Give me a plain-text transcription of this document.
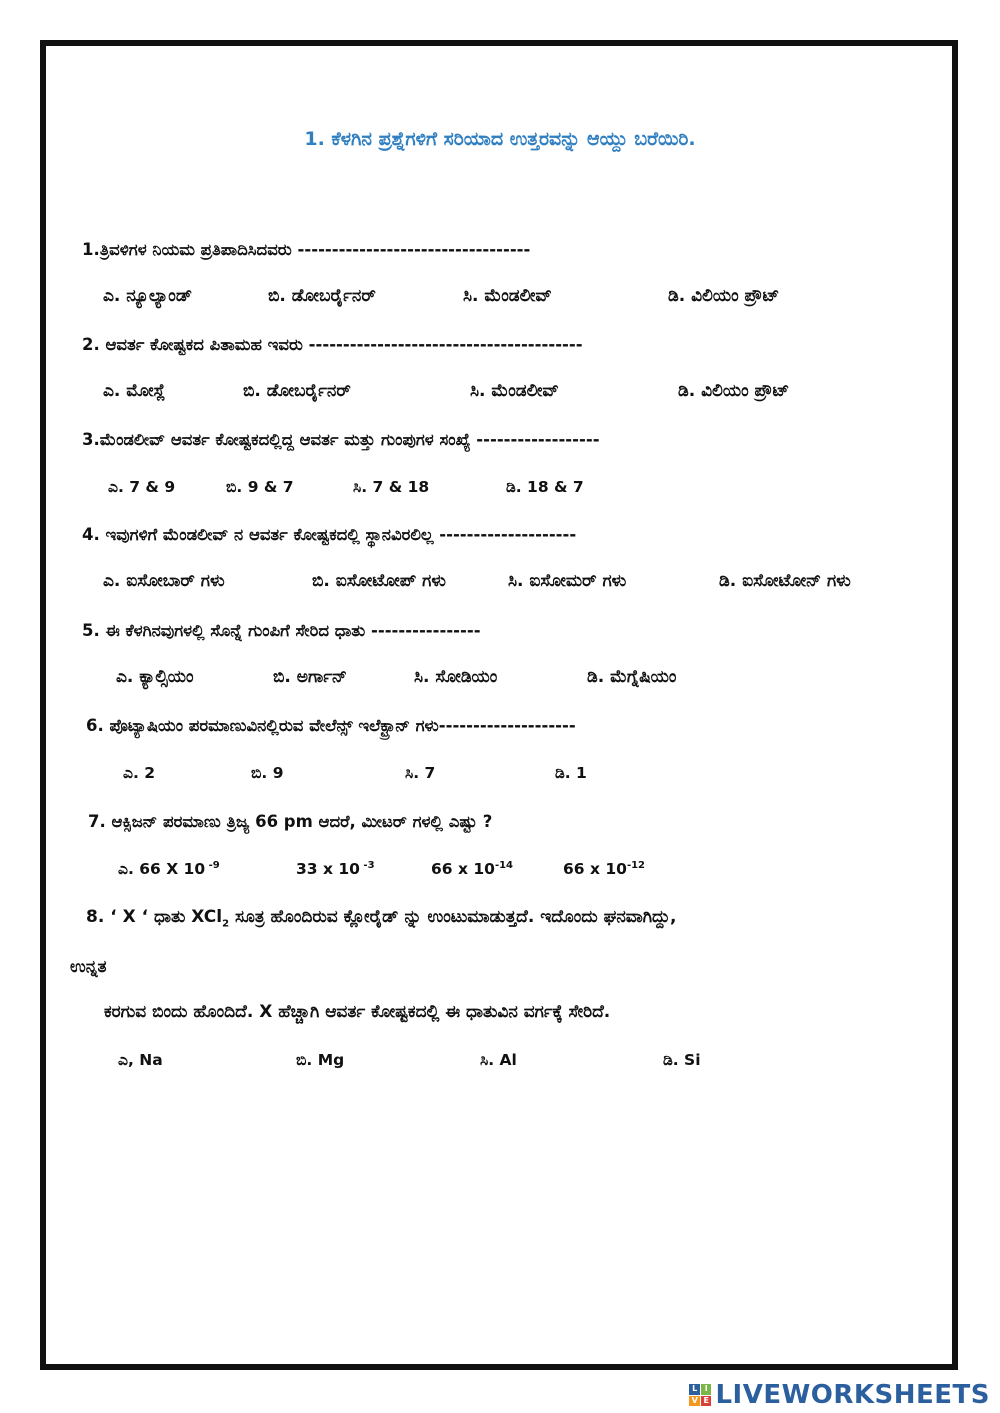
1. ಕೆಳಗಿನ ಪ್ರಶ್ನೆಗಳಿಗೆ ಸರಿಯಾದ ಉತ್ತರವನ್ನು ಆಯ್ದು ಬರೆಯಿರಿ.
1.ತ್ರಿವಳಿಗಳ ನಿಯಮ ಪ್ರತಿಪಾದಿಸಿದವರು ----------------------------------
ಎ. ನ್ಯೂಲ್ಯಾಂಡ್	ಬಿ. ಡೋಬರ್ರೈನರ್	ಸಿ. ಮೆಂಡಲೀವ್	ಡಿ. ವಿಲಿಯಂ ಪ್ರೌಟ್
2. ಆವರ್ತ ಕೋಷ್ಟಕದ ಪಿತಾಮಹ ಇವರು ----------------------------------------
ಎ. ಮೋಸ್ಲೆ	ಬಿ. ಡೋಬರ್ರೈನರ್	ಸಿ. ಮೆಂಡಲೀವ್	ಡಿ. ವಿಲಿಯಂ ಪ್ರೌಟ್
3.ಮೆಂಡಲೀವ್ ಆವರ್ತ ಕೋಷ್ಟಕದಲ್ಲಿದ್ದ ಆವರ್ತ ಮತ್ತು ಗುಂಪುಗಳ ಸಂಖ್ಯೆ ------------------
ಎ. 7 & 9	ಬಿ. 9 & 7	ಸಿ. 7 & 18	ಡಿ. 18 & 7
4. ಇವುಗಳಿಗೆ ಮೆಂಡಲೀವ್ ನ ಆವರ್ತ ಕೋಷ್ಟಕದಲ್ಲಿ ಸ್ಥಾನವಿರಲಿಲ್ಲ --------------------
ಎ. ಐಸೋಬಾರ್ ಗಳು	ಬಿ. ಐಸೋಟೋಪ್ ಗಳು	ಸಿ. ಐಸೋಮರ್ ಗಳು	ಡಿ. ಐಸೋಟೋನ್ ಗಳು
5. ಈ ಕೆಳಗಿನವುಗಳಲ್ಲಿ ಸೊನ್ನೆ ಗುಂಪಿಗೆ ಸೇರಿದ ಧಾತು ----------------
ಎ. ಕ್ಯಾಲ್ಸಿಯಂ	ಬಿ. ಅರ್ಗಾನ್	ಸಿ. ಸೋಡಿಯಂ	ಡಿ. ಮೆಗ್ನೆಷಿಯಂ
6. ಪೊಟ್ಯಾಷಿಯಂ ಪರಮಾಣುವಿನಲ್ಲಿರುವ ವೇಲೆನ್ಸ್ ಇಲೆಕ್ಟ್ರಾನ್ ಗಳು--------------------
ಎ. 2	ಬಿ. 9	ಸಿ. 7	ಡಿ. 1
7. ಆಕ್ಸಿಜನ್ ಪರಮಾಣು ತ್ರಿಜ್ಯ 66 pm ಆದರೆ, ಮೀಟರ್ ಗಳಲ್ಲಿ ಎಷ್ಟು ?
ಎ. 66 X 10 $^{-9}$	33 x 10 $^{-3}$	66 x $10^{-14}$	66 x $10^{-12}$
8. ‘ X ‘ ಧಾತು XCl$_2$ ಸೂತ್ರ ಹೊಂದಿರುವ ಕ್ಲೋರೈಡ್ ನ್ನು ಉಂಟುಮಾಡುತ್ತದೆ. ಇದೊಂದು ಘನವಾಗಿದ್ದು,
ಉನ್ನತ
ಕರಗುವ ಬಿಂದು ಹೊಂದಿದೆ. X ಹೆಚ್ಚಾಗಿ ಆವರ್ತ ಕೋಷ್ಟಕದಲ್ಲಿ ಈ ಧಾತುವಿನ ವರ್ಗಕ್ಕೆ ಸೇರಿದೆ.
ಎ, Na	ಬಿ. Mg	ಸಿ. Al	ಡಿ. Si
L I
V E LIVEWORKSHEETS
